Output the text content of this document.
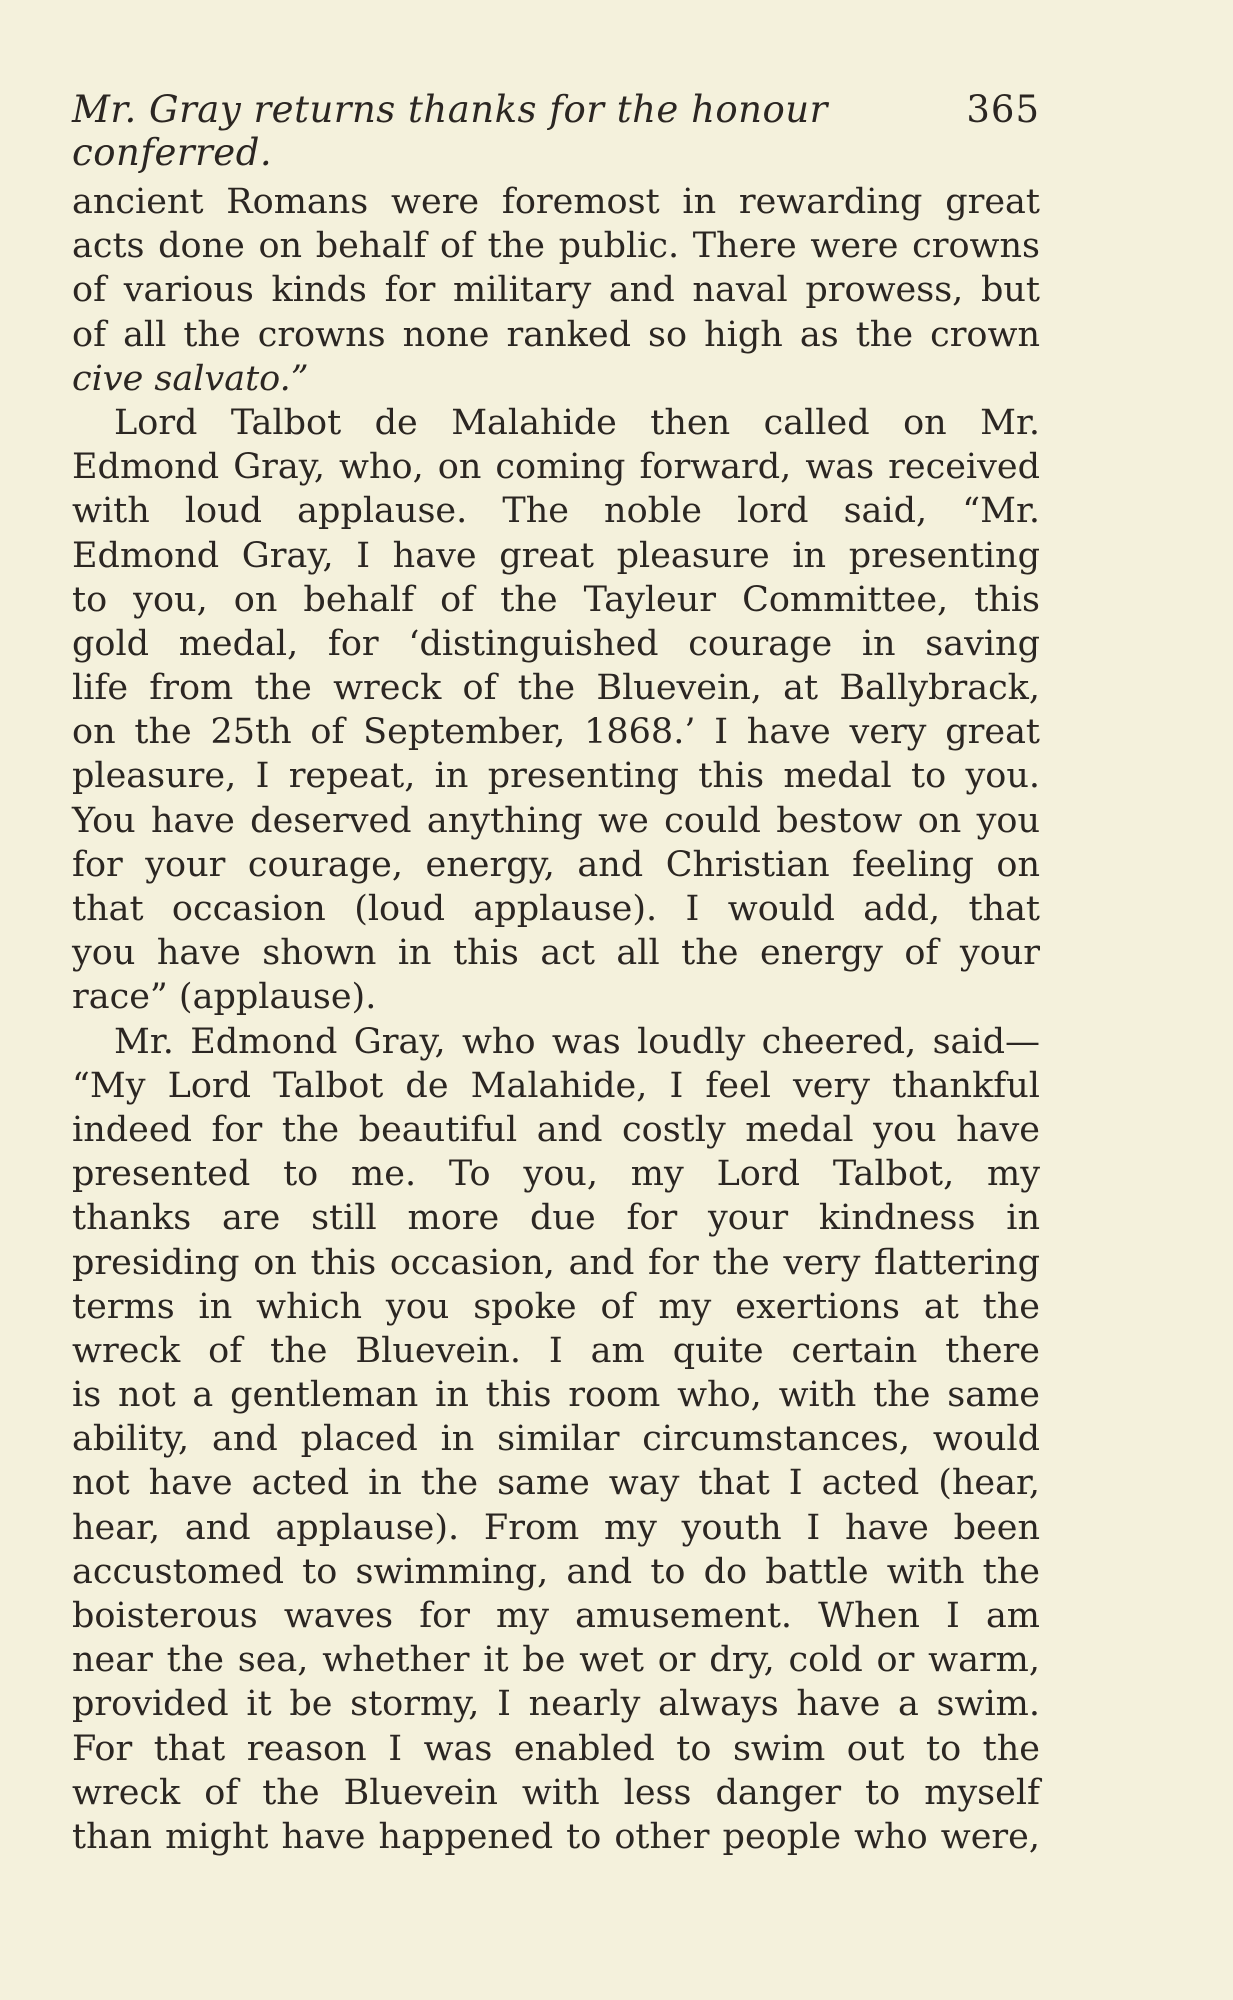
Mr. Gray returns thanks for the honour conferred.
365
ancient Romans were foremost in rewarding great
acts done on behalf of the public. There were crowns
of various kinds for military and naval prowess, but
of all the crowns none ranked so high as the crown
cive salvato.”
Lord Talbot de Malahide then called on Mr.
Edmond Gray, who, on coming forward, was received
with loud applause. The noble lord said, “Mr.
Edmond Gray, I have great pleasure in presenting
to you, on behalf of the Tayleur Committee, this
gold medal, for ‘distinguished courage in saving
life from the wreck of the Bluevein, at Ballybrack,
on the 25th of September, 1868.’ I have very great
pleasure, I repeat, in presenting this medal to you.
You have deserved anything we could bestow on you
for your courage, energy, and Christian feeling on
that occasion (loud applause). I would add, that
you have shown in this act all the energy of your
race” (applause).
Mr. Edmond Gray, who was loudly cheered, said—
“My Lord Talbot de Malahide, I feel very thankful
indeed for the beautiful and costly medal you have
presented to me. To you, my Lord Talbot, my
thanks are still more due for your kindness in
presiding on this occasion, and for the very flattering
terms in which you spoke of my exertions at the
wreck of the Bluevein. I am quite certain there
is not a gentleman in this room who, with the same
ability, and placed in similar circumstances, would
not have acted in the same way that I acted (hear,
hear, and applause). From my youth I have been
accustomed to swimming, and to do battle with the
boisterous waves for my amusement. When I am
near the sea, whether it be wet or dry, cold or warm,
provided it be stormy, I nearly always have a swim.
For that reason I was enabled to swim out to the
wreck of the Bluevein with less danger to myself
than might have happened to other people who were,
